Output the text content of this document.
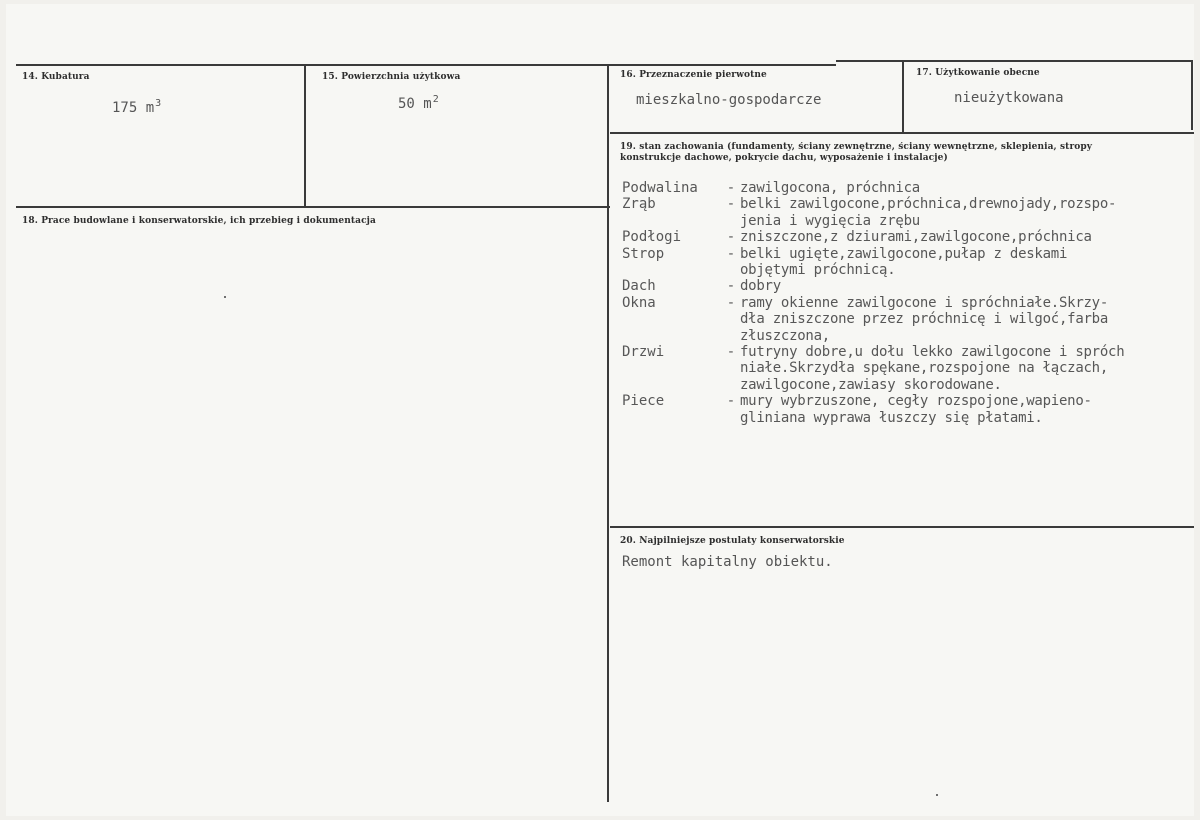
14. Kubatura
175 $m^3$
15. Powierzchnia użytkowa
50 $m^2$
16. Przeznaczenie pierwotne
mieszkalno-gospodarcze
17. Użytkowanie obecne
nieużytkowana
18. Prace budowlane i konserwatorskie, ich przebieg i dokumentacja
19. stan zachowania (fundamenty, ściany zewnętrzne, ściany wewnętrzne, sklepienia, stropy konstrukcje dachowe, pokrycie dachu, wyposażenie i instalacje)
Podwalina	- zawilgocona, próchnica
Zrąb	- belki zawilgocone,próchnica,drewnojady,rozspo-
jenia i wygięcia zrębu
Podłogi	- zniszczone,z dziurami,zawilgocone,próchnica
Strop	- belki ugięte,zawilgocone,pułap z deskami
objętymi próchnicą.
Dach	- dobry
Okna	- ramy okienne zawilgocone i spróchniałe.Skrzy-
dła zniszczone przez próchnicę i wilgoć,farba
złuszczona,
Drzwi	- futryny dobre,u dołu lekko zawilgocone i spróch
niałe.Skrzydła spękane,rozspojone na łączach,
zawilgocone,zawiasy skorodowane.
Piece	- mury wybrzuszone, cegły rozspojone,wapieno-
gliniana wyprawa łuszczy się płatami.
20. Najpilniejsze postulaty konserwatorskie
Remont kapitalny obiektu.
